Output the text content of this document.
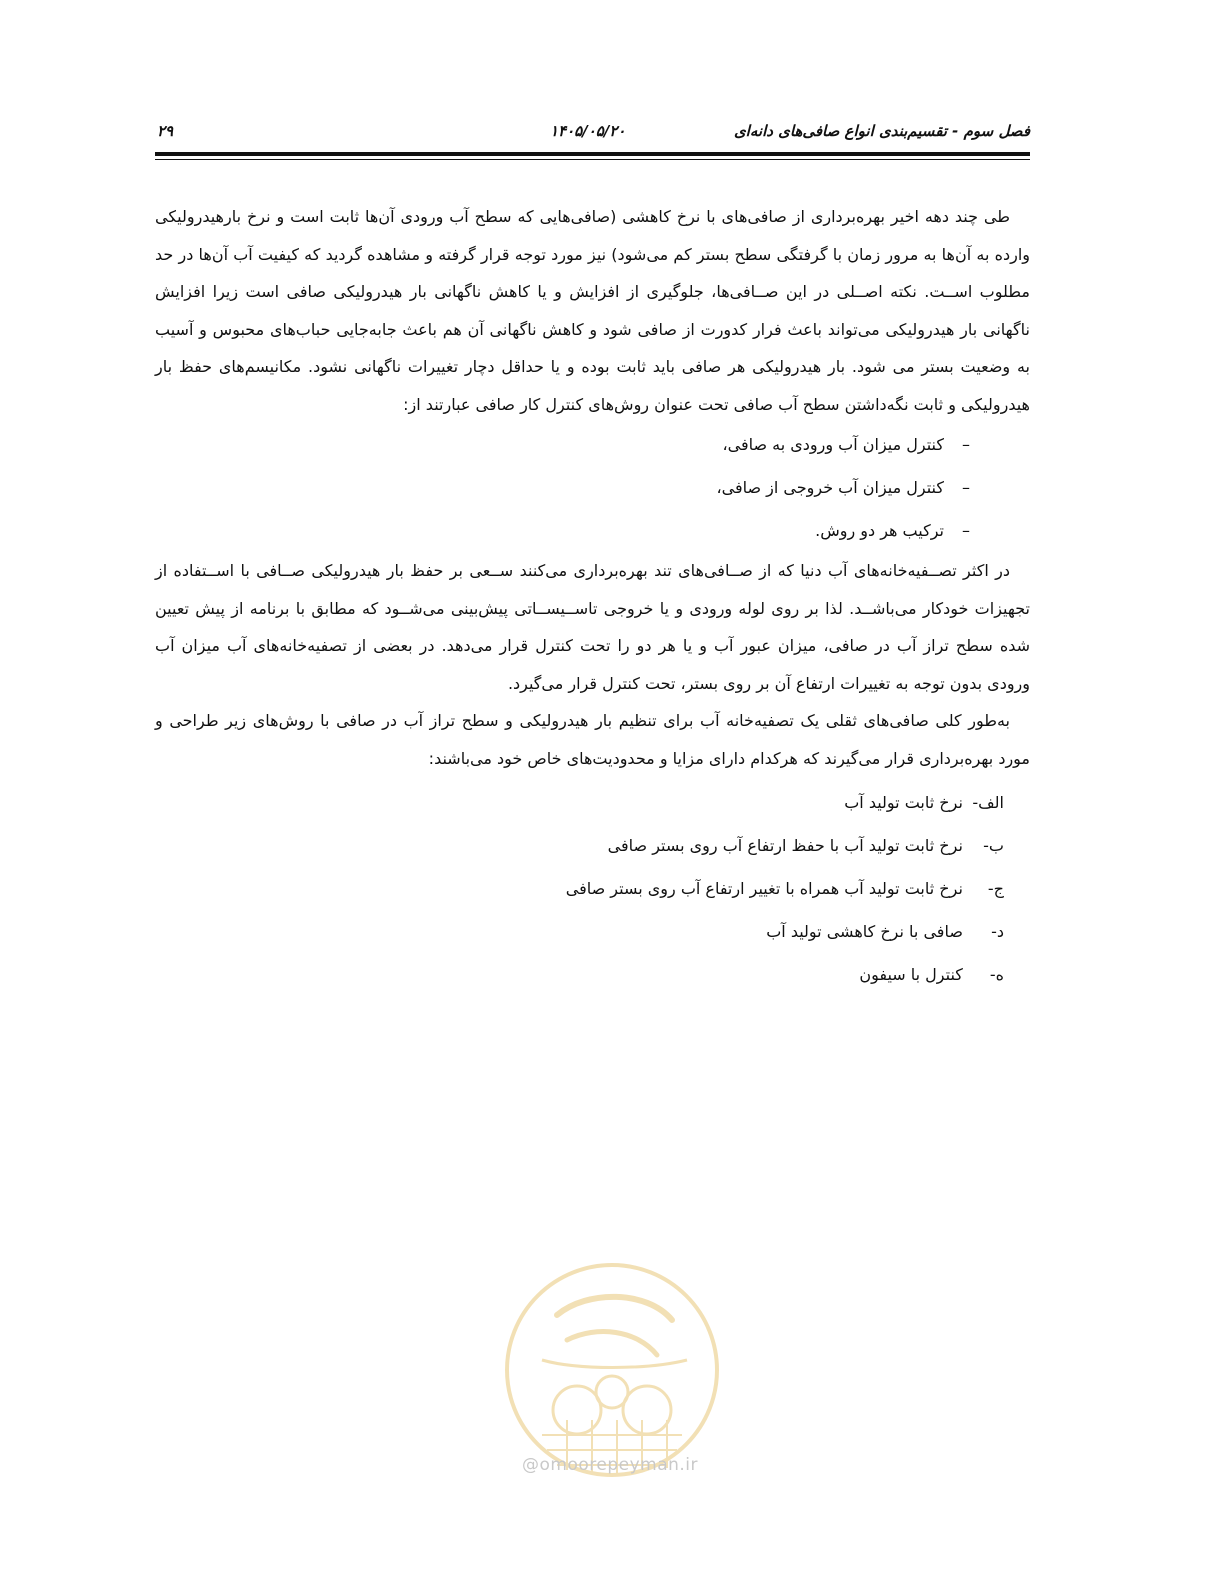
فصل سوم - تقسیم‌بندی انواع صافی‌های دانه‌ای
۱۴۰۵/۰۵/۲۰
۲۹

طی چند دهه اخیر بهره‌برداری از صافی‌های با نرخ کاهشی (صافی‌هایی که سطح آب ورودی آن‌ها ثابت است و نرخ بارهیدرولیکی وارده به آن‌ها به مرور زمان با گرفتگی سطح بستر کم می‌شود) نیز مورد توجه قرار گرفته و مشاهده گردید که کیفیت آب آن‌ها در حد مطلوب اســت. نکته اصــلی در این صــافی‌ها، جلوگیری از افزایش و یا کاهش ناگهانی بار هیدرولیکی صافی است زیرا افزایش ناگهانی بار هیدرولیکی می‌تواند باعث فرار کدورت از صافی شود و کاهش ناگهانی آن هم باعث جابه‌جایی حباب‌های محبوس و آسیب به وضعیت بستر می شود. بار هیدرولیکی هر صافی باید ثابت بوده و یا حداقل دچار تغییرات ناگهانی نشود. مکانیسم‌های حفظ بار هیدرولیکی و ثابت نگه‌داشتن سطح آب صافی تحت عنوان روش‌های کنترل کار صافی عبارتند از:

–کنترل میزان آب ورودی به صافی،
–کنترل میزان آب خروجی از صافی،
–ترکیب هر دو روش.

در اکثر تصــفیه‌خانه‌های آب دنیا که از صــافی‌های تند بهره‌برداری می‌کنند ســعی بر حفظ بار هیدرولیکی صــافی با اســتفاده از تجهیزات خودکار می‌باشــد. لذا بر روی لوله ورودی و یا خروجی تاســیســاتی پیش‌بینی می‌شــود که مطابق با برنامه از پیش تعیین شده سطح تراز آب در صافی، میزان عبور آب و یا هر دو را تحت کنترل قرار می‌دهد. در بعضی از تصفیه‌خانه‌های آب میزان آب ورودی بدون توجه به تغییرات ارتفاع آن بر روی بستر، تحت کنترل قرار می‌گیرد.

به‌طور کلی صافی‌های ثقلی یک تصفیه‌خانه آب برای تنظیم بار هیدرولیکی و سطح تراز آب در صافی با روش‌های زیر طراحی و مورد بهره‌برداری قرار می‌گیرند که هرکدام دارای مزایا و محدودیت‌های خاص خود می‌باشند:

الف- نرخ ثابت تولید آب
ب- نرخ ثابت تولید آب با حفظ ارتفاع آب روی بستر صافی
ج- نرخ ثابت تولید آب همراه با تغییر ارتفاع آب روی بستر صافی
د- صافی با نرخ کاهشی تولید آب
ه- کنترل با سیفون
@omoorepeyman.ir
